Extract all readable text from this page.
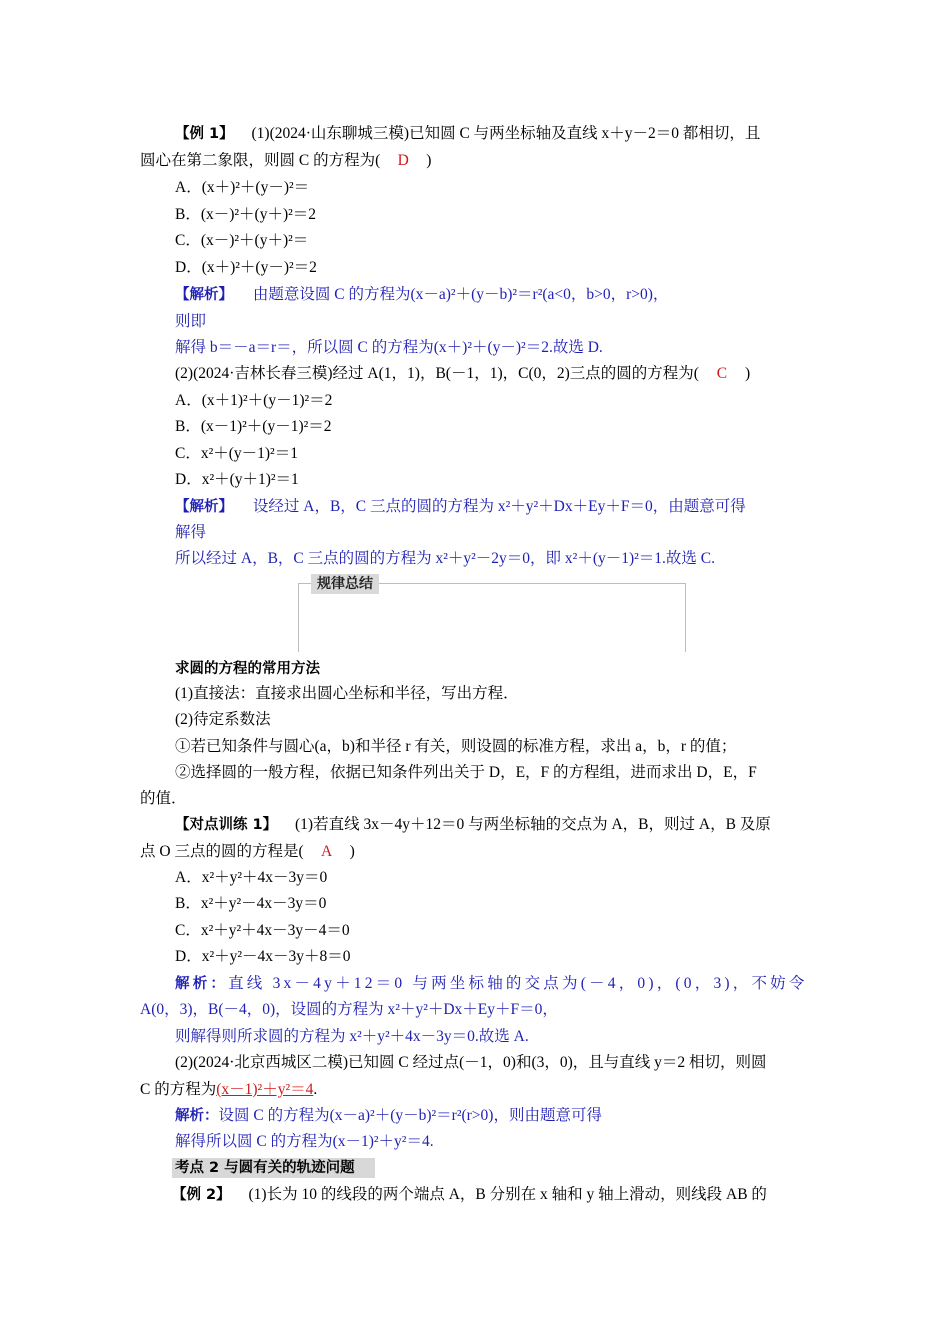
【例 1】 (1)(2024·山东聊城三模)已知圆 C 与两坐标轴及直线 x＋y－2＝0 都相切，且
圆心在第二象限，则圆 C 的方程为( D )
A．(x＋)²＋(y－)²＝
B．(x－)²＋(y＋)²＝2
C．(x－)²＋(y＋)²＝
D．(x＋)²＋(y－)²＝2
【解析】 由题意设圆 C 的方程为(x－a)²＋(y－b)²＝r²(a<0，b>0，r>0)，
则即
解得 b＝－a＝r＝，所以圆 C 的方程为(x＋)²＋(y－)²＝2.故选 D.
(2)(2024·吉林长春三模)经过 A(1，1)，B(－1，1)，C(0，2)三点的圆的方程为( C )
A．(x＋1)²＋(y－1)²＝2
B．(x－1)²＋(y－1)²＝2
C．x²＋(y－1)²＝1
D．x²＋(y＋1)²＝1
【解析】 设经过 A，B，C 三点的圆的方程为 x²＋y²＋Dx＋Ey＋F＝0，由题意可得
解得
所以经过 A，B，C 三点的圆的方程为 x²＋y²－2y＝0，即 x²＋(y－1)²＝1.故选 C.
规律总结
求圆的方程的常用方法
(1)直接法：直接求出圆心坐标和半径，写出方程．
(2)待定系数法
①若已知条件与圆心(a，b)和半径 r 有关，则设圆的标准方程，求出 a，b，r 的值；
②选择圆的一般方程，依据已知条件列出关于 D，E，F 的方程组，进而求出 D，E，F
的值．
【对点训练 1】 (1)若直线 3x－4y＋12＝0 与两坐标轴的交点为 A，B，则过 A，B 及原
点 O 三点的圆的方程是( A )
A．x²＋y²＋4x－3y＝0
B．x²＋y²－4x－3y＝0
C．x²＋y²＋4x－3y－4＝0
D．x²＋y²－4x－3y＋8＝0
解析：直线 3x－4y＋12＝0 与两坐标轴的交点为(－4，0)，(0，3)，不妨令
A(0，3)，B(－4，0)，设圆的方程为 x²＋y²＋Dx＋Ey＋F＝0，
则解得则所求圆的方程为 x²＋y²＋4x－3y＝0.故选 A.
(2)(2024·北京西城区二模)已知圆 C 经过点(－1，0)和(3，0)，且与直线 y＝2 相切，则圆
C 的方程为(x－1)²＋y²＝4.
解析：设圆 C 的方程为(x－a)²＋(y－b)²＝r²(r>0)，则由题意可得
解得所以圆 C 的方程为(x－1)²＋y²＝4.
考点 2 与圆有关的轨迹问题
【例 2】 (1)长为 10 的线段的两个端点 A，B 分别在 x 轴和 y 轴上滑动，则线段 AB 的
